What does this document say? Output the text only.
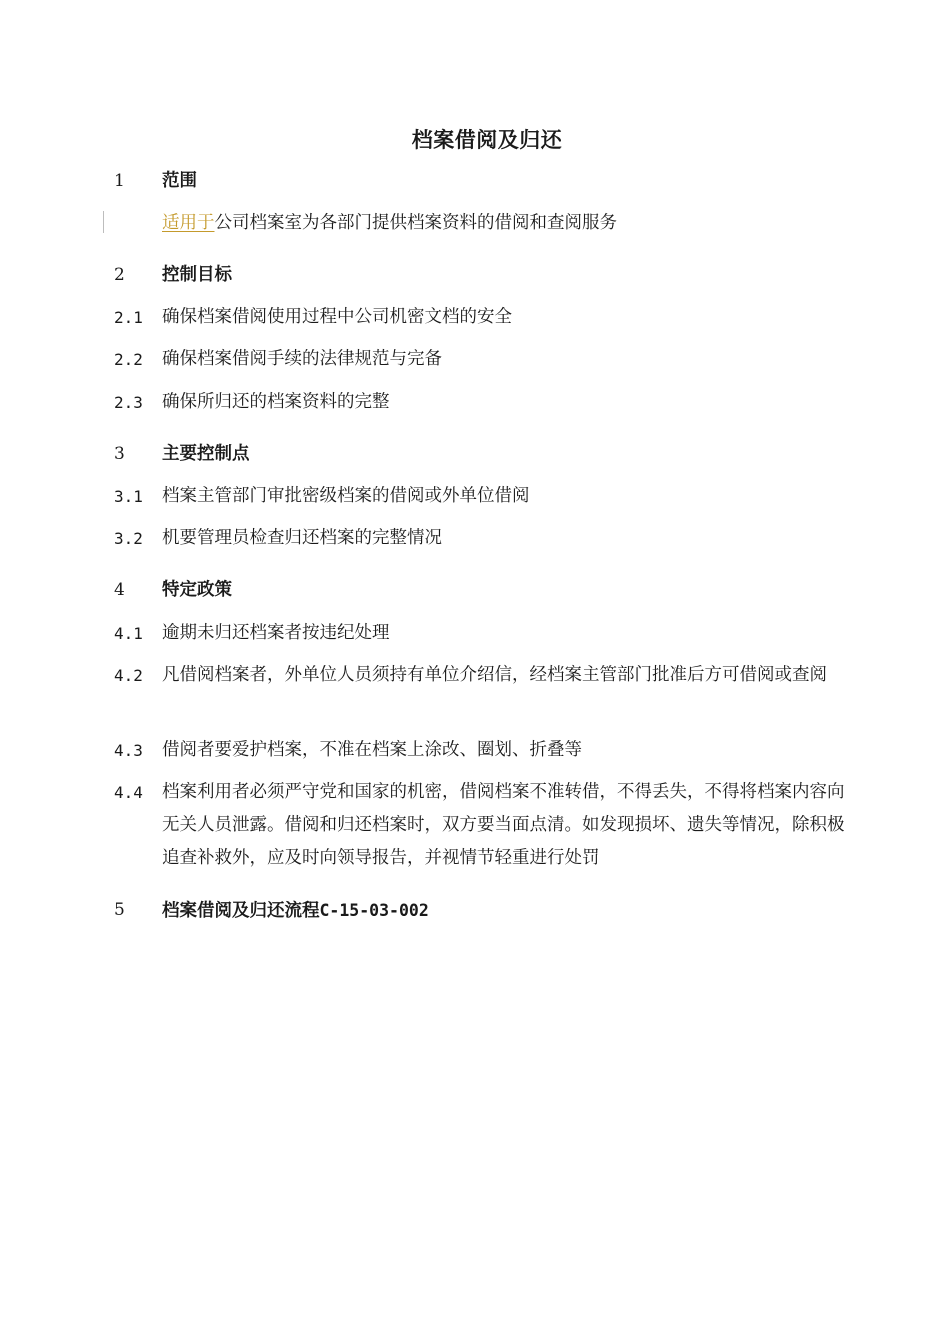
档案借阅及归还
1	范围
适用于公司档案室为各部门提供档案资料的借阅和查阅服务
2	控制目标
2.1	确保档案借阅使用过程中公司机密文档的安全
2.2	确保档案借阅手续的法律规范与完备
2.3	确保所归还的档案资料的完整
3	主要控制点
3.1	档案主管部门审批密级档案的借阅或外单位借阅
3.2	机要管理员检查归还档案的完整情况
4	特定政策
4.1	逾期未归还档案者按违纪处理
4.2	凡借阅档案者，外单位人员须持有单位介绍信，经档案主管部门批准后方可借阅或查阅
4.3	借阅者要爱护档案，不准在档案上涂改、圈划、折叠等
4.4	档案利用者必须严守党和国家的机密，借阅档案不准转借，不得丢失，不得将档案内容向无关人员泄露。借阅和归还档案时，双方要当面点清。如发现损坏、遗失等情况，除积极追查补救外，应及时向领导报告，并视情节轻重进行处罚
5	档案借阅及归还流程C-15-03-002
